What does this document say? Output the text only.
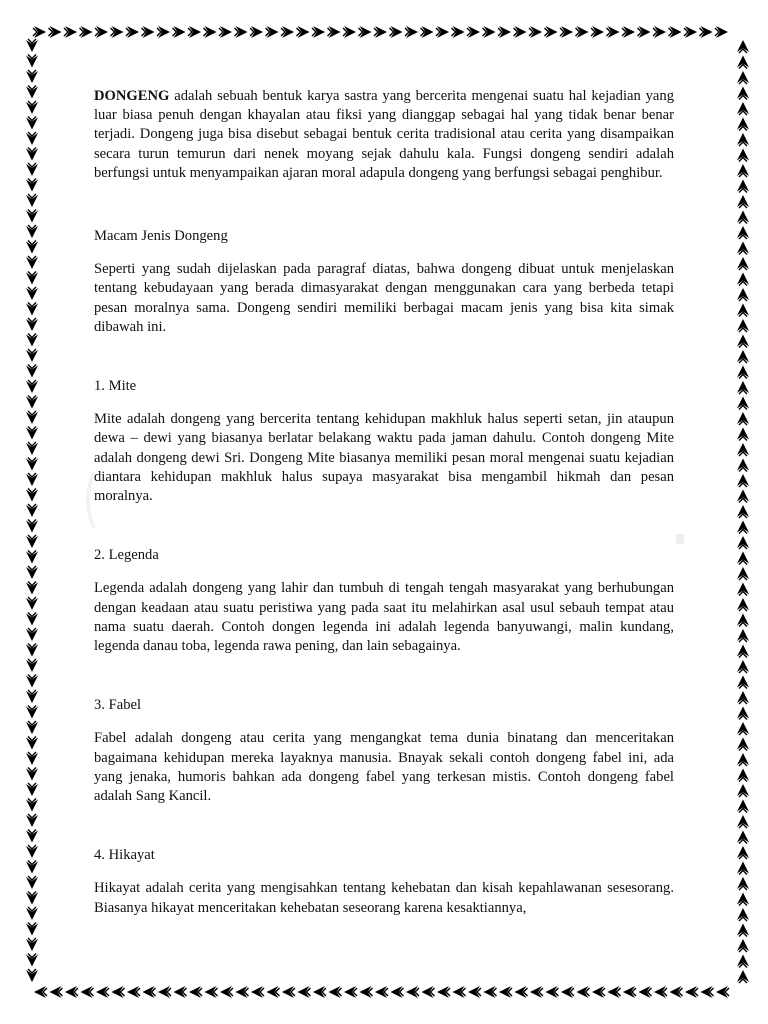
DONGENG adalah sebuah bentuk karya sastra yang bercerita mengenai suatu hal kejadian yang luar biasa penuh dengan khayalan atau fiksi yang dianggap sebagai hal yang tidak benar benar terjadi. Dongeng juga bisa disebut sebagai bentuk cerita tradisional atau cerita yang disampaikan secara turun temurun dari nenek moyang sejak dahulu kala. Fungsi dongeng sendiri adalah berfungsi untuk menyampaikan ajaran moral adapula dongeng yang berfungsi sebagai penghibur.

Macam Jenis Dongeng

Seperti yang sudah dijelaskan pada paragraf diatas, bahwa dongeng dibuat untuk menjelaskan tentang kebudayaan yang berada dimasyarakat dengan menggunakan cara yang berbeda tetapi pesan moralnya sama. Dongeng sendiri memiliki berbagai macam jenis yang bisa kita simak dibawah ini.

1. Mite

Mite adalah dongeng yang bercerita tentang kehidupan makhluk halus seperti setan, jin ataupun dewa – dewi yang biasanya berlatar belakang waktu pada jaman dahulu. Contoh dongeng Mite adalah dongeng dewi Sri. Dongeng Mite biasanya memiliki pesan moral mengenai suatu kejadian diantara kehidupan makhluk halus supaya masyarakat bisa mengambil hikmah dan pesan moralnya.

2. Legenda

Legenda adalah dongeng yang lahir dan tumbuh di tengah tengah masyarakat yang berhubungan dengan keadaan atau suatu peristiwa yang pada saat itu melahirkan asal usul sebauh tempat atau nama suatu daerah. Contoh dongen legenda ini adalah legenda banyuwangi, malin kundang, legenda danau toba, legenda rawa pening, dan lain sebagainya.

3. Fabel

Fabel adalah dongeng atau cerita yang mengangkat tema dunia binatang dan menceritakan bagaimana kehidupan mereka layaknya manusia. Bnayak sekali contoh dongeng fabel ini, ada yang jenaka, humoris bahkan ada dongeng fabel yang terkesan mistis. Contoh dongeng fabel adalah Sang Kancil.

4. Hikayat

Hikayat adalah cerita yang mengisahkan tentang kehebatan dan kisah kepahlawanan sesesorang. Biasanya hikayat menceritakan kehebatan seseorang karena kesaktiannya,
